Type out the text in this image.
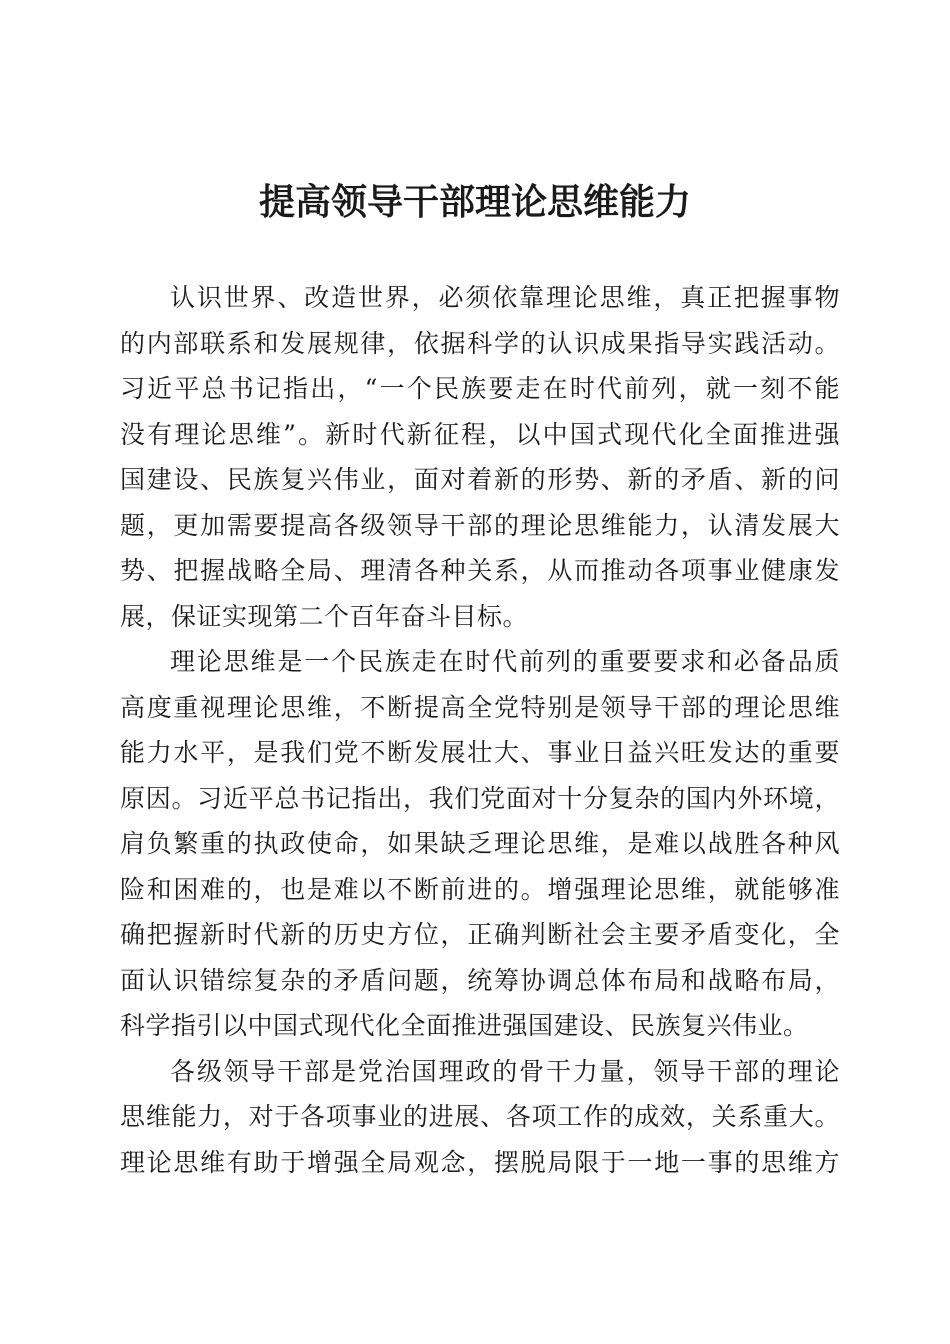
提高领导干部理论思维能力
认识世界、改造世界，必须依靠理论思维，真正把握事物
的内部联系和发展规律，依据科学的认识成果指导实践活动。
习近平总书记指出，“一个民族要走在时代前列，就一刻不能
没有理论思维”。新时代新征程，以中国式现代化全面推进强
国建设、民族复兴伟业，面对着新的形势、新的矛盾、新的问
题，更加需要提高各级领导干部的理论思维能力，认清发展大
势、把握战略全局、理清各种关系，从而推动各项事业健康发
展，保证实现第二个百年奋斗目标。
理论思维是一个民族走在时代前列的重要要求和必备品质
高度重视理论思维，不断提高全党特别是领导干部的理论思维
能力水平，是我们党不断发展壮大、事业日益兴旺发达的重要
原因。习近平总书记指出，我们党面对十分复杂的国内外环境，
肩负繁重的执政使命，如果缺乏理论思维，是难以战胜各种风
险和困难的，也是难以不断前进的。增强理论思维，就能够准
确把握新时代新的历史方位，正确判断社会主要矛盾变化，全
面认识错综复杂的矛盾问题，统筹协调总体布局和战略布局，
科学指引以中国式现代化全面推进强国建设、民族复兴伟业。
各级领导干部是党治国理政的骨干力量，领导干部的理论
思维能力，对于各项事业的进展、各项工作的成效，关系重大。
理论思维有助于增强全局观念，摆脱局限于一地一事的思维方
